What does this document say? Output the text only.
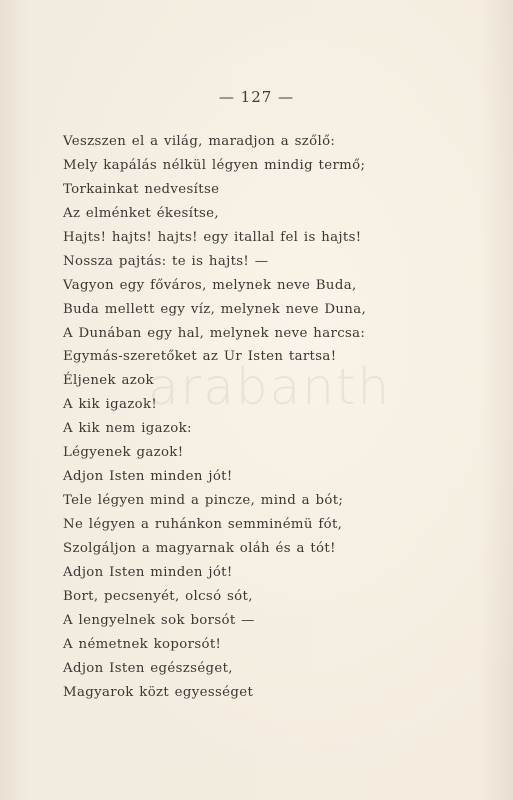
— 127 —
Veszszen el a világ, maradjon a szőlő:
Mely kapálás nélkül légyen mindig termő;
Torkainkat nedvesítse
Az elménket ékesítse,
Hajts! hajts! hajts! egy itallal fel is hajts!
Nossza pajtás: te is hajts! —
Vagyon egy főváros, melynek neve Buda,
Buda mellett egy víz, melynek neve Duna,
A Dunában egy hal, melynek neve harcsa:
Egymás-szeretőket az Ur Isten tartsa!
Éljenek azok
A kik igazok!
A kik nem igazok:
Légyenek gazok!
Adjon Isten minden jót!
Tele légyen mind a pincze, mind a bót;
Ne légyen a ruhánkon semminémü fót,
Szolgáljon a magyarnak oláh és a tót!
Adjon Isten minden jót!
Bort, pecsenyét, olcsó sót,
A lengyelnek sok borsót —
A németnek koporsót!
Adjon Isten egészséget,
Magyarok közt egyességet
arabanth
